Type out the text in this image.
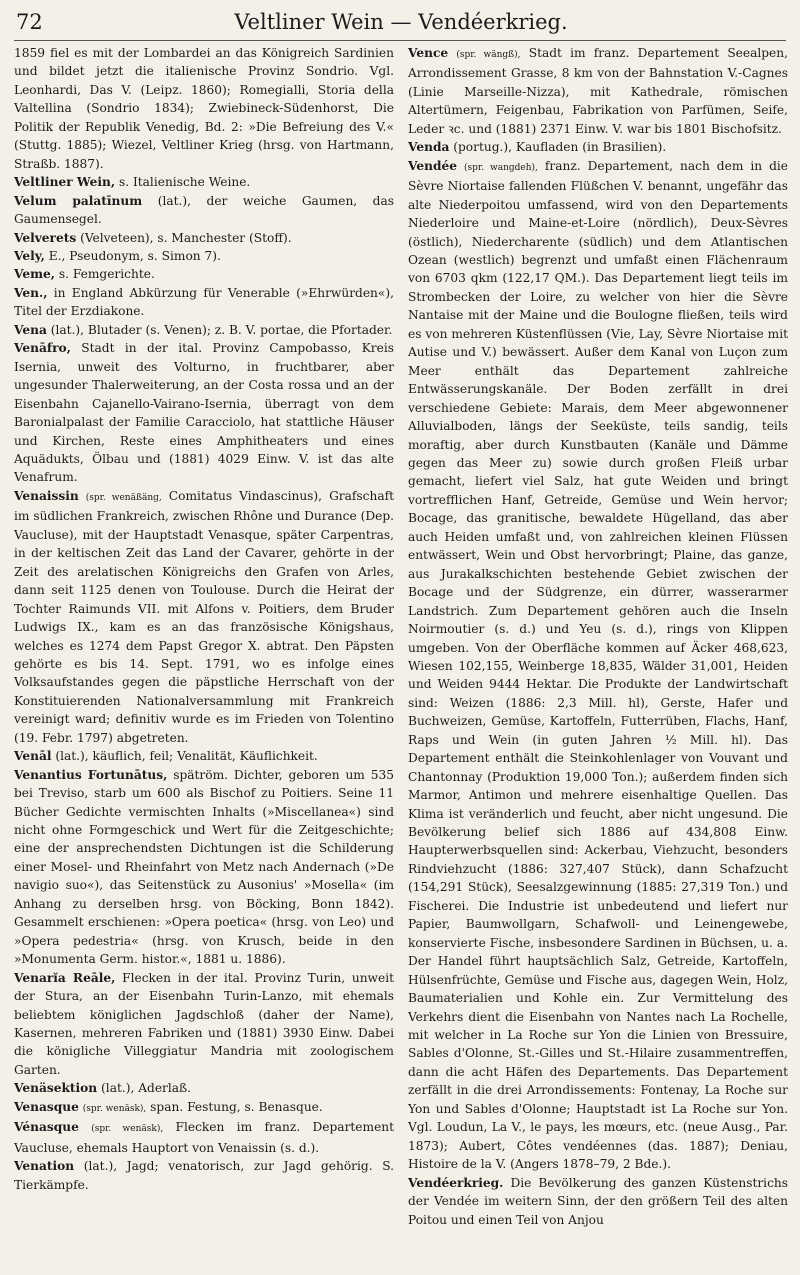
72	Veltliner Wein — Vendéerkrieg.

1859 fiel es mit der Lombardei an das Königreich Sardinien und bildet jetzt die italienische Provinz Sondrio. Vgl. Leonhardi, Das V. (Leipz. 1860); Romegialli, Storia della Valtellina (Sondrio 1834); Zwiebineck-Südenhorst, Die Politik der Republik Venedig, Bd. 2: »Die Befreiung des V.« (Stuttg. 1885); Wiezel, Veltliner Krieg (hrsg. von Hartmann, Straßb. 1887).

Veltliner Wein, s. Italienische Weine.

Velum palatīnum (lat.), der weiche Gaumen, das Gaumensegel.

Velverets (Velveteen), s. Manchester (Stoff).

Vely, E., Pseudonym, s. Simon 7).

Veme, s. Femgerichte.

Ven., in England Abkürzung für Venerable (»Ehrwürden«), Titel der Erzdiakone.

Vena (lat.), Blutader (s. Venen); z. B. V. portae, die Pfortader.

Venāfro, Stadt in der ital. Provinz Campobasso, Kreis Isernia, unweit des Volturno, in fruchtbarer, aber ungesunder Thalerweiterung, an der Costa rossa und an der Eisenbahn Cajanello-Vairano-Isernia, überragt von dem Baronialpalast der Familie Caracciolo, hat stattliche Häuser und Kirchen, Reste eines Amphitheaters und eines Aquädukts, Ölbau und (1881) 4029 Einw. V. ist das alte Venafrum.

Venaissin (spr. wenäßäng, Comitatus Vindascinus), Grafschaft im südlichen Frankreich, zwischen Rhône und Durance (Dep. Vaucluse), mit der Hauptstadt Venasque, später Carpentras, in der keltischen Zeit das Land der Cavarer, gehörte in der Zeit des arelatischen Königreichs den Grafen von Arles, dann seit 1125 denen von Toulouse. Durch die Heirat der Tochter Raimunds VII. mit Alfons v. Poitiers, dem Bruder Ludwigs IX., kam es an das französische Königshaus, welches es 1274 dem Papst Gregor X. abtrat. Den Päpsten gehörte es bis 14. Sept. 1791, wo es infolge eines Volksaufstandes gegen die päpstliche Herrschaft von der Konstituierenden Nationalversammlung mit Frankreich vereinigt ward; definitiv wurde es im Frieden von Tolentino (19. Febr. 1797) abgetreten.

Venāl (lat.), käuflich, feil; Venalität, Käuflichkeit.

Venantius Fortunātus, spätröm. Dichter, geboren um 535 bei Treviso, starb um 600 als Bischof zu Poitiers. Seine 11 Bücher Gedichte vermischten Inhalts (»Miscellanea«) sind nicht ohne Formgeschick und Wert für die Zeitgeschichte; eine der ansprechendsten Dichtungen ist die Schilderung einer Mosel- und Rheinfahrt von Metz nach Andernach (»De navigio suo«), das Seitenstück zu Ausonius' »Mosella« (im Anhang zu derselben hrsg. von Böcking, Bonn 1842). Gesammelt erschienen: »Opera poetica« (hrsg. von Leo) und »Opera pedestria« (hrsg. von Krusch, beide in den »Monumenta Germ. histor.«, 1881 u. 1886).

Venarĭa Reāle, Flecken in der ital. Provinz Turin, unweit der Stura, an der Eisenbahn Turin-Lanzo, mit ehemals beliebtem königlichen Jagdschloß (daher der Name), Kasernen, mehreren Fabriken und (1881) 3930 Einw. Dabei die königliche Villeggiatur Mandria mit zoologischem Garten.

Venäsektion (lat.), Aderlaß.

Venasque (spr. wenäsk), span. Festung, s. Benasque.

Vénasque (spr. wenäsk), Flecken im franz. Departement Vaucluse, ehemals Hauptort von Venaissin (s. d.).

Venation (lat.), Jagd; venatorisch, zur Jagd gehörig. S. Tierkämpfe.

Vence (spr. wängß), Stadt im franz. Departement Seealpen, Arrondissement Grasse, 8 km von der Bahnstation V.-Cagnes (Linie Marseille-Nizza), mit Kathedrale, römischen Altertümern, Feigenbau, Fabrikation von Parfümen, Seife, Leder ꝛc. und (1881) 2371 Einw. V. war bis 1801 Bischofsitz.

Venda (portug.), Kaufladen (in Brasilien).

Vendée (spr. wangdeh), franz. Departement, nach dem in die Sèvre Niortaise fallenden Flüßchen V. benannt, ungefähr das alte Niederpoitou umfassend, wird von den Departements Niederloire und Maine-et-Loire (nördlich), Deux-Sèvres (östlich), Niedercharente (südlich) und dem Atlantischen Ozean (westlich) begrenzt und umfaßt einen Flächenraum von 6703 qkm (122,17 QM.). Das Departement liegt teils im Strombecken der Loire, zu welcher von hier die Sèvre Nantaise mit der Maine und die Boulogne fließen, teils wird es von mehreren Küstenflüssen (Vie, Lay, Sèvre Niortaise mit Autise und V.) bewässert. Außer dem Kanal von Luçon zum Meer enthält das Departement zahlreiche Entwässerungskanäle. Der Boden zerfällt in drei verschiedene Gebiete: Marais, dem Meer abgewonnener Alluvialboden, längs der Seeküste, teils sandig, teils moraftig, aber durch Kunstbauten (Kanäle und Dämme gegen das Meer zu) sowie durch großen Fleiß urbar gemacht, liefert viel Salz, hat gute Weiden und bringt vortrefflichen Hanf, Getreide, Gemüse und Wein hervor; Bocage, das granitische, bewaldete Hügelland, das aber auch Heiden umfaßt und, von zahlreichen kleinen Flüssen entwässert, Wein und Obst hervorbringt; Plaine, das ganze, aus Jurakalkschichten bestehende Gebiet zwischen der Bocage und der Südgrenze, ein dürrer, wasserarmer Landstrich. Zum Departement gehören auch die Inseln Noirmoutier (s. d.) und Yeu (s. d.), rings von Klippen umgeben. Von der Oberfläche kommen auf Äcker 468,623, Wiesen 102,155, Weinberge 18,835, Wälder 31,001, Heiden und Weiden 9444 Hektar. Die Produkte der Landwirtschaft sind: Weizen (1886: 2,3 Mill. hl), Gerste, Hafer und Buchweizen, Gemüse, Kartoffeln, Futterrüben, Flachs, Hanf, Raps und Wein (in guten Jahren ½ Mill. hl). Das Departement enthält die Steinkohlenlager von Vouvant und Chantonnay (Produktion 19,000 Ton.); außerdem finden sich Marmor, Antimon und mehrere eisenhaltige Quellen. Das Klima ist veränderlich und feucht, aber nicht ungesund. Die Bevölkerung belief sich 1886 auf 434,808 Einw. Haupterwerbsquellen sind: Ackerbau, Viehzucht, besonders Rindviehzucht (1886: 327,407 Stück), dann Schafzucht (154,291 Stück), Seesalzgewinnung (1885: 27,319 Ton.) und Fischerei. Die Industrie ist unbedeutend und liefert nur Papier, Baumwollgarn, Schafwoll- und Leinengewebe, konservierte Fische, insbesondere Sardinen in Büchsen, u. a. Der Handel führt hauptsächlich Salz, Getreide, Kartoffeln, Hülsenfrüchte, Gemüse und Fische aus, dagegen Wein, Holz, Baumaterialien und Kohle ein. Zur Vermittelung des Verkehrs dient die Eisenbahn von Nantes nach La Rochelle, mit welcher in La Roche sur Yon die Linien von Bressuire, Sables d'Olonne, St.-Gilles und St.-Hilaire zusammentreffen, dann die acht Häfen des Departements. Das Departement zerfällt in die drei Arrondissements: Fontenay, La Roche sur Yon und Sables d'Olonne; Hauptstadt ist La Roche sur Yon. Vgl. Loudun, La V., le pays, les mœurs, etc. (neue Ausg., Par. 1873); Aubert, Côtes vendéennes (das. 1887); Deniau, Histoire de la V. (Angers 1878–79, 2 Bde.).

Vendéerkrieg. Die Bevölkerung des ganzen Küstenstrichs der Vendée im weitern Sinn, der den größern Teil des alten Poitou und einen Teil von Anjou
